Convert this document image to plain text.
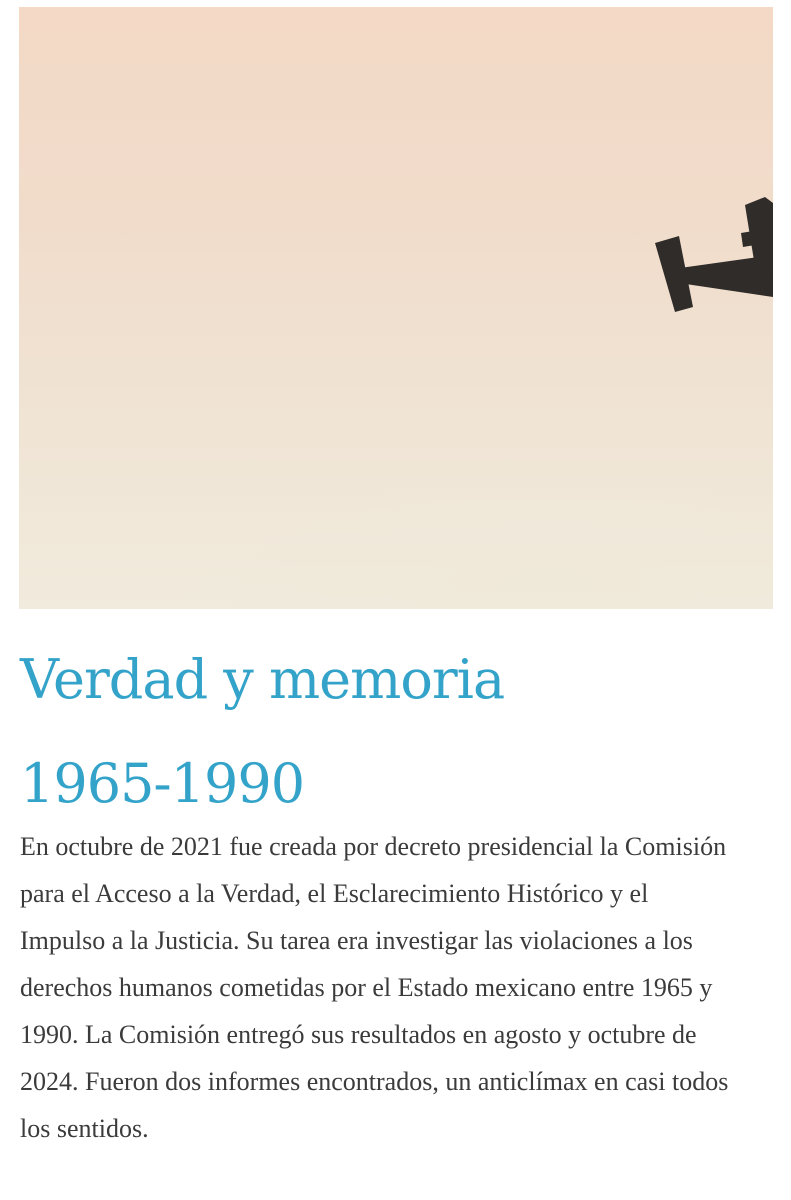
Verdad y memoria
1965-1990

En octubre de 2021 fue creada por decreto presidencial la Comisión para el Acceso a la Verdad, el Esclarecimiento Histórico y el Impulso a la Justicia. Su tarea era investigar las violaciones a los derechos humanos cometidas por el Estado mexicano entre 1965 y 1990. La Comisión entregó sus resultados en agosto y octubre de 2024. Fueron dos informes encontrados, un anticlímax en casi todos los sentidos.
